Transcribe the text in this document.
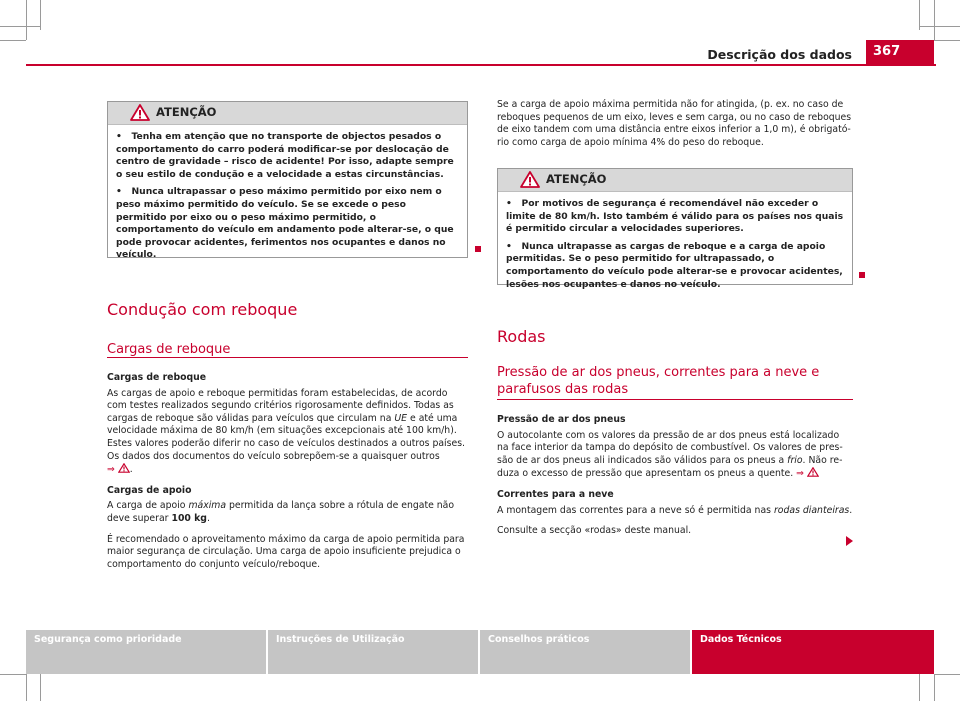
Descrição dos dados	367
ATENÇÃO

•   Tenha em atenção que no transporte de objectos pesados o comportamento do carro poderá modificar-se por deslocação de centro de gravidade – risco de acidente! Por isso, adapte sempre o seu estilo de condução e a velocidade a estas circunstâncias.

•   Nunca ultrapassar o peso máximo permitido por eixo nem o peso máximo permitido do veículo. Se se excede o peso permitido por eixo ou o peso máximo permitido, o comportamento do veículo em andamento pode alterar-se, o que pode provocar acidentes, ferimentos nos ocupantes e danos no veículo.

Condução com reboque
Cargas de reboque

Cargas de reboque

As cargas de apoio e reboque permitidas foram estabelecidas, de acordo com testes realizados segundo critérios rigorosamente definidos. Todas as cargas de reboque são válidas para veículos que circulam na UE e até uma velocidade máxima de 80 km/h (em situações excepcionais até 100 km/h). Estes valores poderão diferir no caso de veículos destinados a outros países. Os dados dos documentos do veículo sobrepõem-se a quaisquer outros
⇒ .

Cargas de apoio

A carga de apoio máxima permitida da lança sobre a rótula de engate não deve superar 100 kg.

É recomendado o aproveitamento máximo da carga de apoio permitida para maior segurança de circulação. Uma carga de apoio insuficiente prejudica o comportamento do conjunto veículo/reboque.

Se a carga de apoio máxima permitida não for atingida, (p. ex. no caso de reboques pequenos de um eixo, leves e sem carga, ou no caso de reboques de eixo tandem com uma distância entre eixos inferior a 1,0 m), é obrigatório como carga de apoio mínima 4% do peso do reboque.

ATENÇÃO

•   Por motivos de segurança é recomendável não exceder o limite de 80 km/h. Isto também é válido para os países nos quais é permitido circular a velocidades superiores.

•   Nunca ultrapasse as cargas de reboque e a carga de apoio permitidas. Se o peso permitido for ultrapassado, o comportamento do veículo pode alterar-se e provocar acidentes, lesões nos ocupantes e danos no veículo.

Rodas
Pressão de ar dos pneus, correntes para a neve e parafusos das rodas

Pressão de ar dos pneus

O autocolante com os valores da pressão de ar dos pneus está localizado na face interior da tampa do depósito de combustível. Os valores de pressão de ar dos pneus ali indicados são válidos para os pneus a frio. Não reduza o excesso de pressão que apresentam os pneus a quente. ⇒

Correntes para a neve

A montagem das correntes para a neve só é permitida nas rodas dianteiras.

Consulte a secção «rodas» deste manual.

Segurança como prioridade	Instruções de Utilização	Conselhos práticos	Dados Técnicos
